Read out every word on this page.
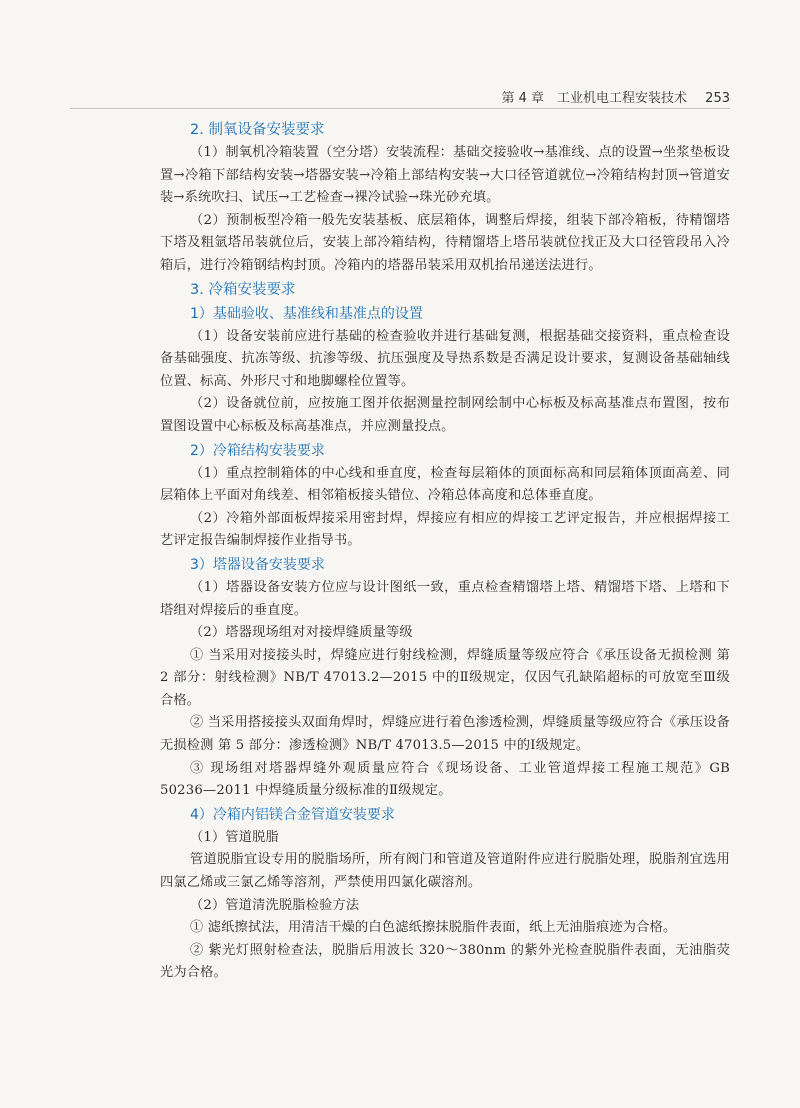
第 4 章　工业机电工程安装技术 253
2. 制氧设备安装要求
（1）制氧机冷箱装置（空分塔）安装流程：基础交接验收→基准线、点的设置→坐浆垫板设置→冷箱下部结构安装→塔器安装→冷箱上部结构安装→大口径管道就位→冷箱结构封顶→管道安装→系统吹扫、试压→工艺检查→裸冷试验→珠光砂充填。
（2）预制板型冷箱一般先安装基板、底层箱体，调整后焊接，组装下部冷箱板，待精馏塔下塔及粗氩塔吊装就位后，安装上部冷箱结构，待精馏塔上塔吊装就位找正及大口径管段吊入冷箱后，进行冷箱钢结构封顶。冷箱内的塔器吊装采用双机抬吊递送法进行。
3. 冷箱安装要求
1）基础验收、基准线和基准点的设置
（1）设备安装前应进行基础的检查验收并进行基础复测，根据基础交接资料，重点检查设备基础强度、抗冻等级、抗渗等级、抗压强度及导热系数是否满足设计要求，复测设备基础轴线位置、标高、外形尺寸和地脚螺栓位置等。
（2）设备就位前，应按施工图并依据测量控制网绘制中心标板及标高基准点布置图，按布置图设置中心标板及标高基准点，并应测量投点。
2）冷箱结构安装要求
（1）重点控制箱体的中心线和垂直度，检查每层箱体的顶面标高和同层箱体顶面高差、同层箱体上平面对角线差、相邻箱板接头错位、冷箱总体高度和总体垂直度。
（2）冷箱外部面板焊接采用密封焊，焊接应有相应的焊接工艺评定报告，并应根据焊接工艺评定报告编制焊接作业指导书。
3）塔器设备安装要求
（1）塔器设备安装方位应与设计图纸一致，重点检查精馏塔上塔、精馏塔下塔、上塔和下塔组对焊接后的垂直度。
（2）塔器现场组对对接焊缝质量等级
① 当采用对接接头时，焊缝应进行射线检测，焊缝质量等级应符合《承压设备无损检测 第 2 部分：射线检测》NB/T 47013.2—2015 中的Ⅱ级规定，仅因气孔缺陷超标的可放宽至Ⅲ级合格。
② 当采用搭接接头双面角焊时，焊缝应进行着色渗透检测，焊缝质量等级应符合《承压设备无损检测 第 5 部分：渗透检测》NB/T 47013.5—2015 中的Ⅰ级规定。
③ 现场组对塔器焊缝外观质量应符合《现场设备、工业管道焊接工程施工规范》GB 50236—2011 中焊缝质量分级标准的Ⅱ级规定。
4）冷箱内铝镁合金管道安装要求
（1）管道脱脂
管道脱脂宜设专用的脱脂场所，所有阀门和管道及管道附件应进行脱脂处理，脱脂剂宜选用四氯乙烯或三氯乙烯等溶剂，严禁使用四氯化碳溶剂。
（2）管道清洗脱脂检验方法
① 滤纸擦拭法，用清洁干燥的白色滤纸擦抹脱脂件表面，纸上无油脂痕迹为合格。
② 紫光灯照射检查法，脱脂后用波长 320～380nm 的紫外光检查脱脂件表面，无油脂荧光为合格。
